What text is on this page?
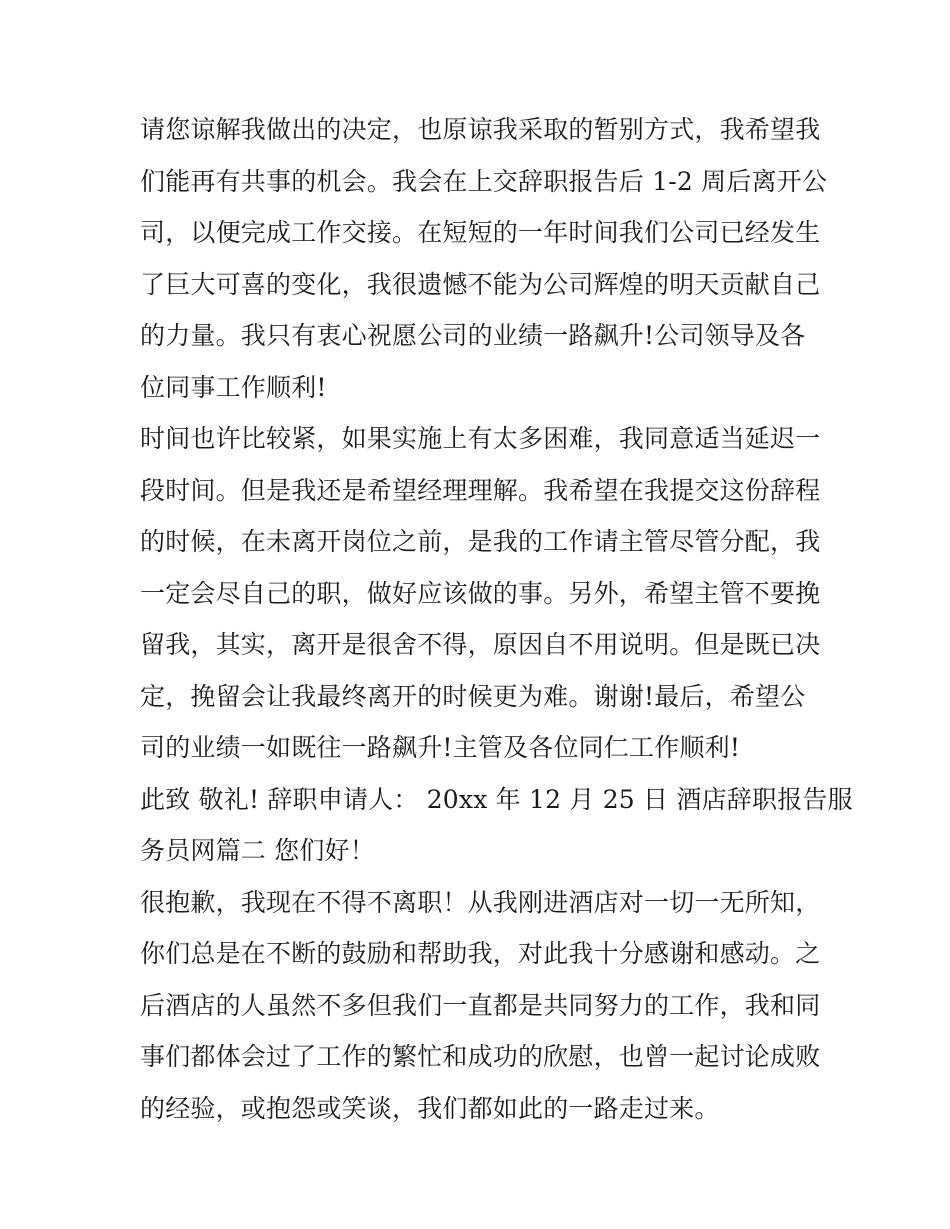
请您谅解我做出的决定，也原谅我采取的暂别方式，我希望我
们能再有共事的机会。我会在上交辞职报告后 1-2 周后离开公
司，以便完成工作交接。在短短的一年时间我们公司已经发生
了巨大可喜的变化，我很遗憾不能为公司辉煌的明天贡献自己
的力量。我只有衷心祝愿公司的业绩一路飙升!公司领导及各
位同事工作顺利!
时间也许比较紧，如果实施上有太多困难，我同意适当延迟一
段时间。但是我还是希望经理理解。我希望在我提交这份辞程
的时候，在未离开岗位之前，是我的工作请主管尽管分配，我
一定会尽自己的职，做好应该做的事。另外，希望主管不要挽
留我，其实，离开是很舍不得，原因自不用说明。但是既已决
定，挽留会让我最终离开的时候更为难。谢谢!最后，希望公
司的业绩一如既往一路飙升!主管及各位同仁工作顺利!
此致 敬礼! 辞职申请人： 20xx 年 12 月 25 日 酒店辞职报告服
务员网篇二 您们好！
很抱歉，我现在不得不离职！从我刚进酒店对一切一无所知，
你们总是在不断的鼓励和帮助我，对此我十分感谢和感动。之
后酒店的人虽然不多但我们一直都是共同努力的工作，我和同
事们都体会过了工作的繁忙和成功的欣慰，也曾一起讨论成败
的经验，或抱怨或笑谈，我们都如此的一路走过来。
